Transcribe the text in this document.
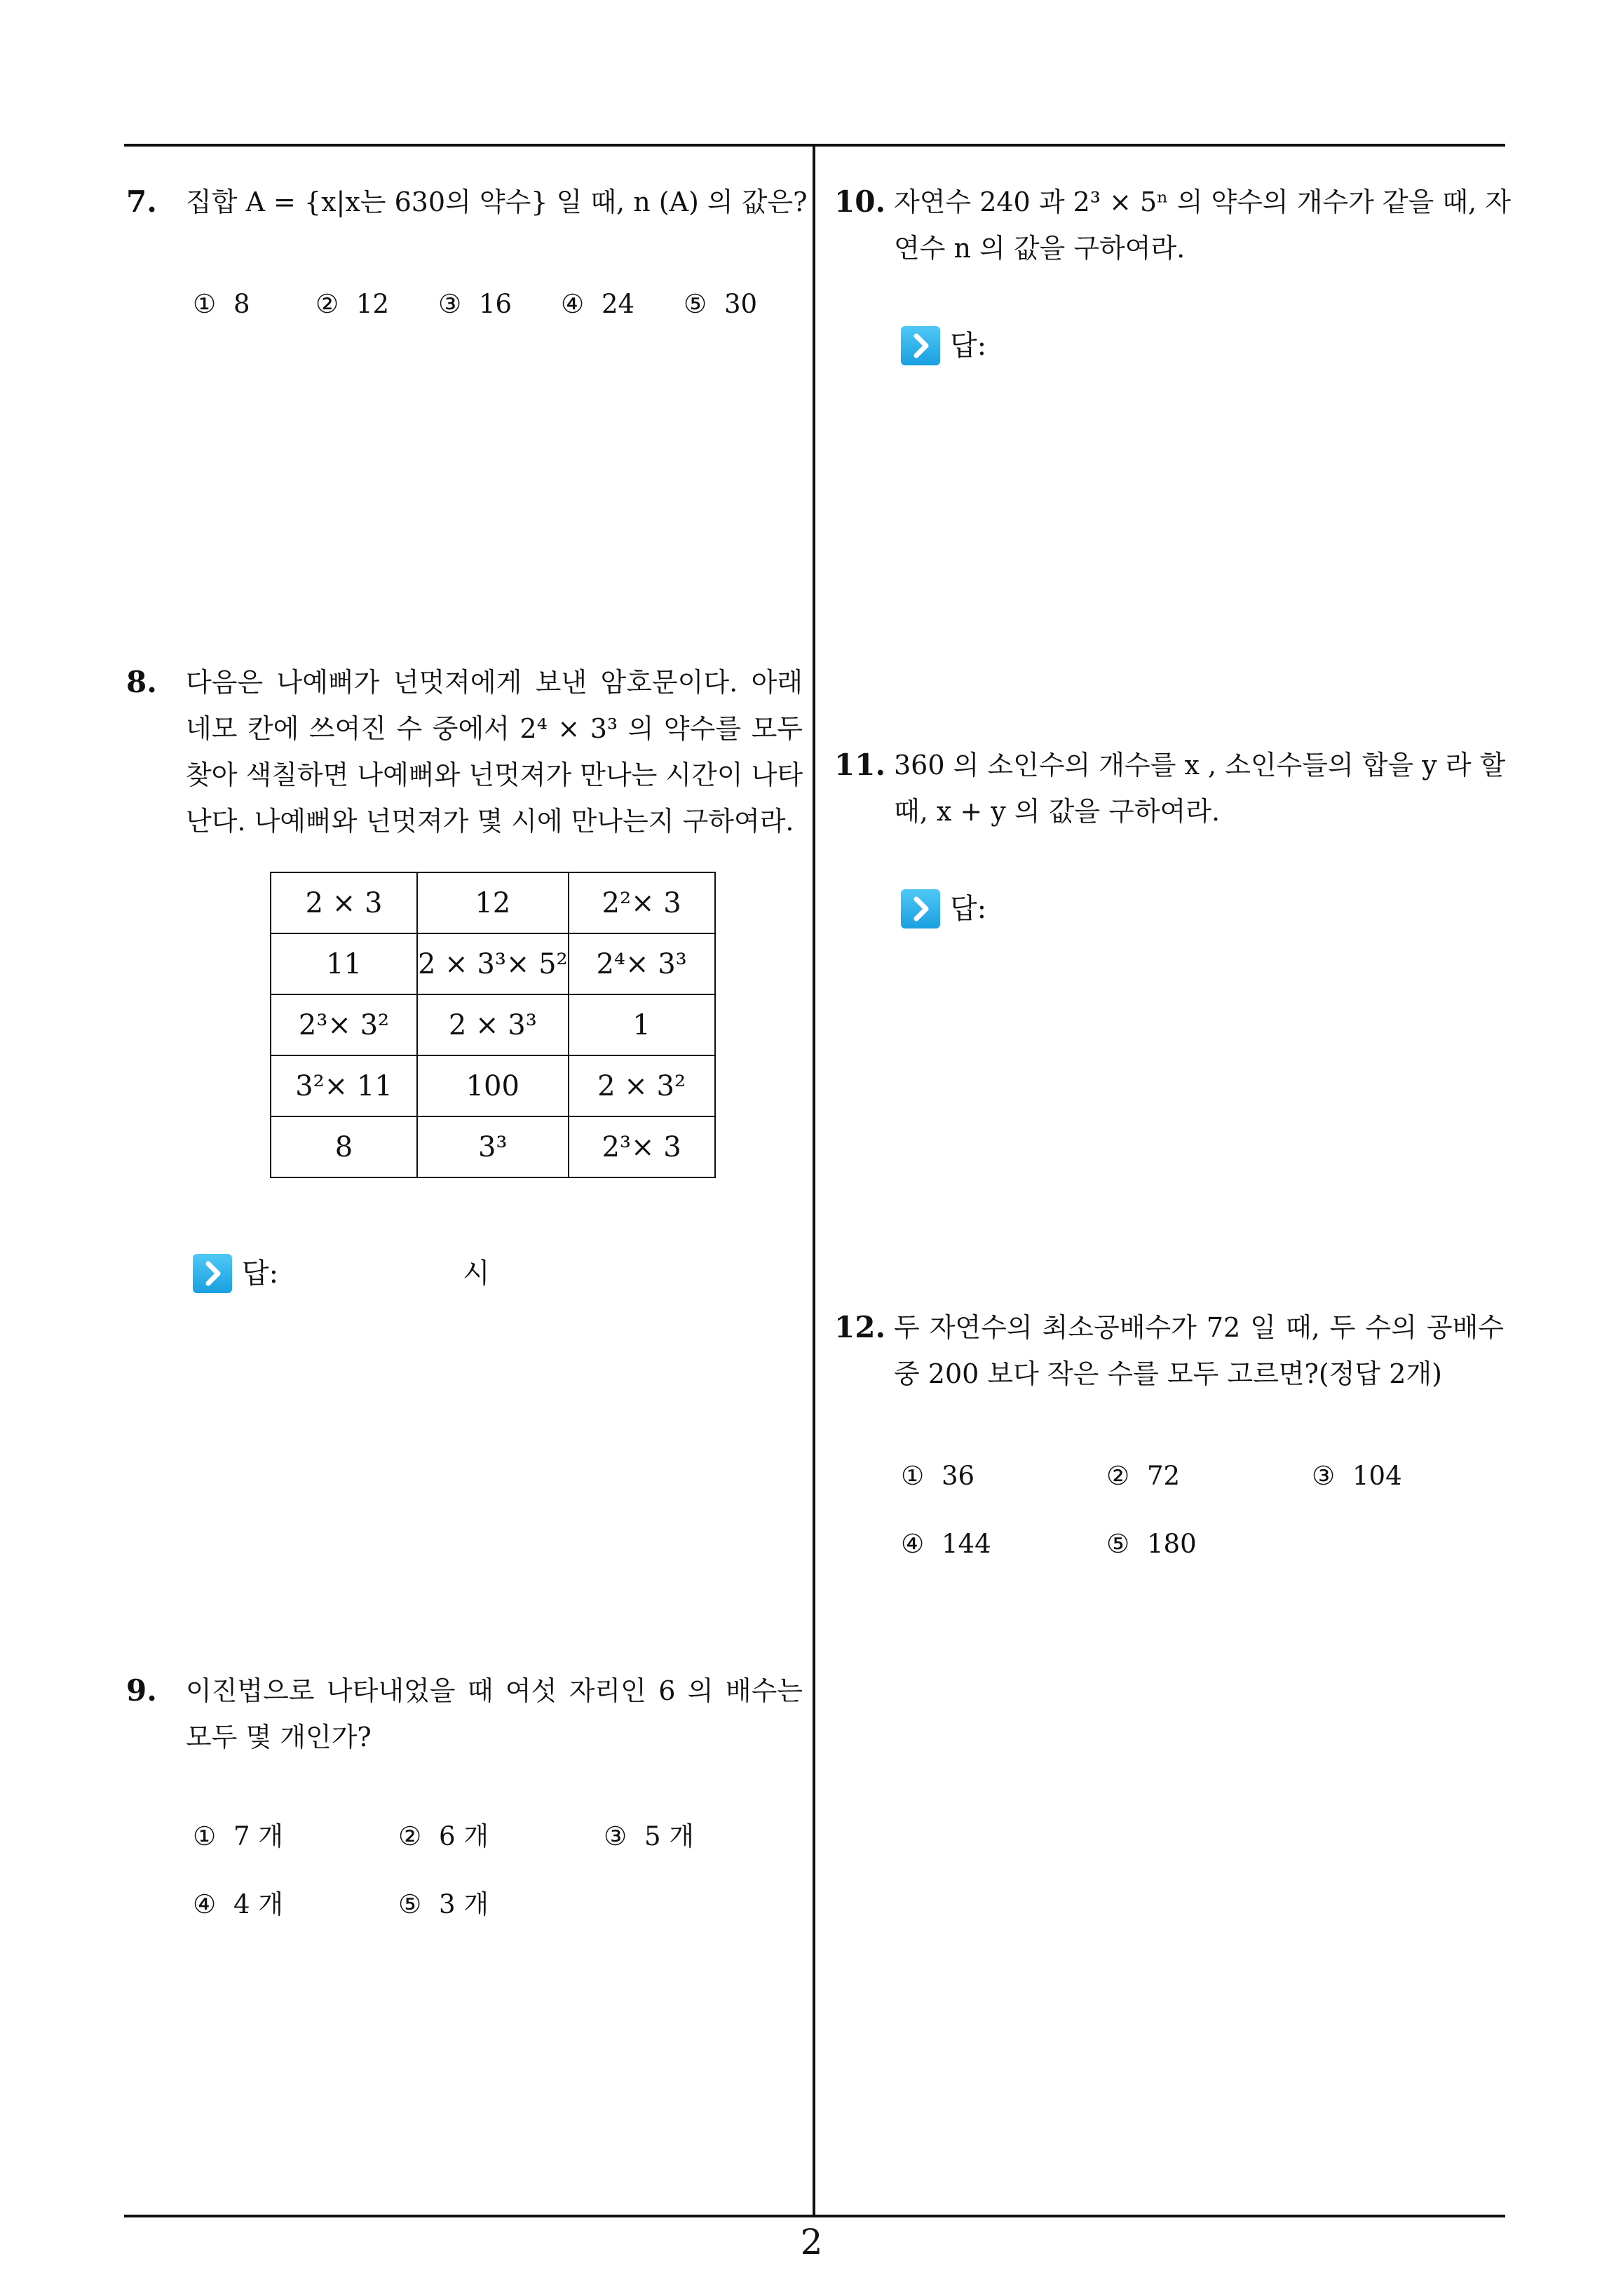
7. 집합 A = {x|x는 630의 약수} 일 때, n (A) 의 값은?
① 8	② 12 ③ 16 ④ 24 ⑤ 30
8. 다음은 나예뻐가 넌멋져에게 보낸 암호문이다. 아래
네모 칸에 쓰여진 수 중에서 2⁴ × 3³ 의 약수를 모두
찾아 색칠하면 나예뻐와 넌멋져가 만나는 시간이 나타
난다. 나예뻐와 넌멋져가 몇 시에 만나는지 구하여라.
2 × 3	12	2²× 3
11	2 × 3³× 5²	2⁴× 3³
2³× 3²	2 × 3³	1
3²× 11	100	2 × 3²
8	3³	2³× 3
답:	시
9. 이진법으로 나타내었을 때 여섯 자리인 6 의 배수는
모두 몇 개인가?
① 7 개	② 6 개	③ 5 개
④ 4 개	⑤ 3 개
10. 자연수 240 과 2³ × 5ⁿ 의 약수의 개수가 같을 때, 자
연수 n 의 값을 구하여라.
답:
11. 360 의 소인수의 개수를 x , 소인수들의 합을 y 라 할
때, x + y 의 값을 구하여라.
답:
12. 두 자연수의 최소공배수가 72 일 때, 두 수의 공배수
중 200 보다 작은 수를 모두 고르면?(정답 2개)
① 36	② 72	③ 104
④ 144	⑤ 180
2
